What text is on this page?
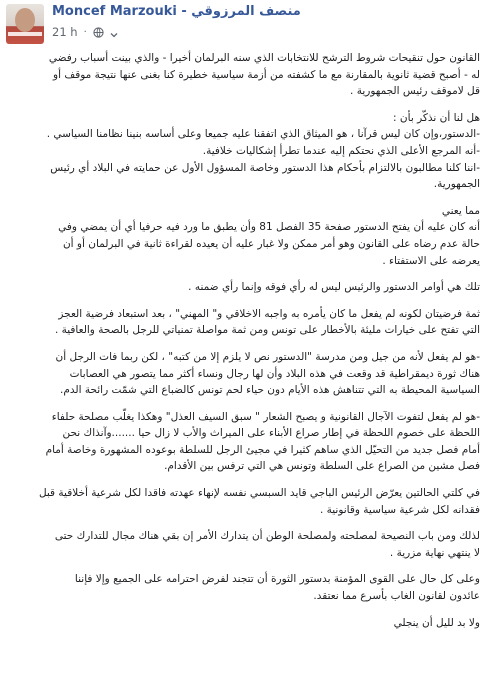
Moncef Marzouki - منصف المرزوقي
21 h ·
القانون حول تنقيحات شروط الترشح للانتخابات الذي سنه البرلمان أخيرا - والذي بينت أسباب رفضي
له - أصبح قضية ثانوية بالمقارنة مع ما كشفته من أزمة سياسية خطيرة كنا بغنى عنها نتيجة موقف أو
قل لاموقف رئيس الجمهورية .
هل لنا أن نذكّر بأن :
-الدستور،وإن كان ليس قرآنا ، هو الميثاق الذي اتفقنا عليه جميعا وعلى أساسه بنينا نظامنا السياسي .
-أنه المرجع الأعلى الذي نحتكم إليه عندما تطرأ إشكاليات خلافية.
-اننا كلنا مطالبون بالالتزام بأحكام هذا الدستور وخاصة المسؤول الأول عن حمايته في البلاد أي رئيس
الجمهورية.
مما يعني
أنه كان عليه أن يفتح الدستور صفحة 35 الفصل 81 وأن يطبق ما ورد فيه حرفيا أي أن يمضي وفي
حالة عدم رضاه على القانون وهو أمر ممكن ولا غبار عليه أن يعيده لقراءة ثانية في البرلمان أو أن
يعرضه على الاستفتاء .
تلك هي أوامر الدستور والرئيس ليس له رأي فوقه وإنما رأي ضمنه .
ثمة فرضيتان لكونه لم يفعل ما كان يأمره به واجبه الاخلاقي و" المهني" ، بعد استبعاد فرضية العجز
التي تفتح على خيارات مليئة بالأخطار على تونس ومن ثمة مواصلة تمنياتي للرجل بالصحة والعافية .
-هو لم يفعل لأنه من جيل ومن مدرسة "الدستور نص لا يلزم إلا من كتبه" ، لكن ربما فات الرجل أن
هناك ثورة ديمقراطية قد وقعت في هذه البلاد وأن لها رجال ونساء أكثر مما يتصور هي العصابات
السياسية المحيطة به التي تتناهش هذه الأيام دون حياء لحم تونس كالضباع التي شمّت رائحة الدم.
-هو لم يفعل لتفوت الآجال القانونية و يصبح الشعار " سبق السيف العذل" وهكذا يغلّب مصلحة حلفاء
اللحظة على خصوم اللحظة في إطار صراع الأبناء على الميراث والأب لا زال حيا .......وآنذاك نحن
أمام فصل جديد من التحيّل الذي ساهم كثيرا في مجيئ الرجل للسلطة بوعوده المشهورة وخاصة أمام
فصل مشين من الصراع على السلطة وتونس هي التي ترفس بين الأقدام.
في كلتي الحالتين يعرّض الرئيس الباجي قايد السبسي نفسه لإنهاء عهدته فاقدا لكل شرعية أخلاقية قبل
فقدانه لكل شرعية سياسية وقانونية .
لذلك ومن باب النصيحة لمصلحته ولمصلحة الوطن أن يتدارك الأمر إن بقي هناك مجال للتدارك حتى
لا ينتهي نهاية مزرية .
وعلى كل حال على القوى المؤمنة بدستور الثورة أن تتجند لفرض احترامه على الجميع وإلا فإننا
عائدون لقانون الغاب بأسرع مما نعتقد.
ولا بد لليل أن ينجلي
